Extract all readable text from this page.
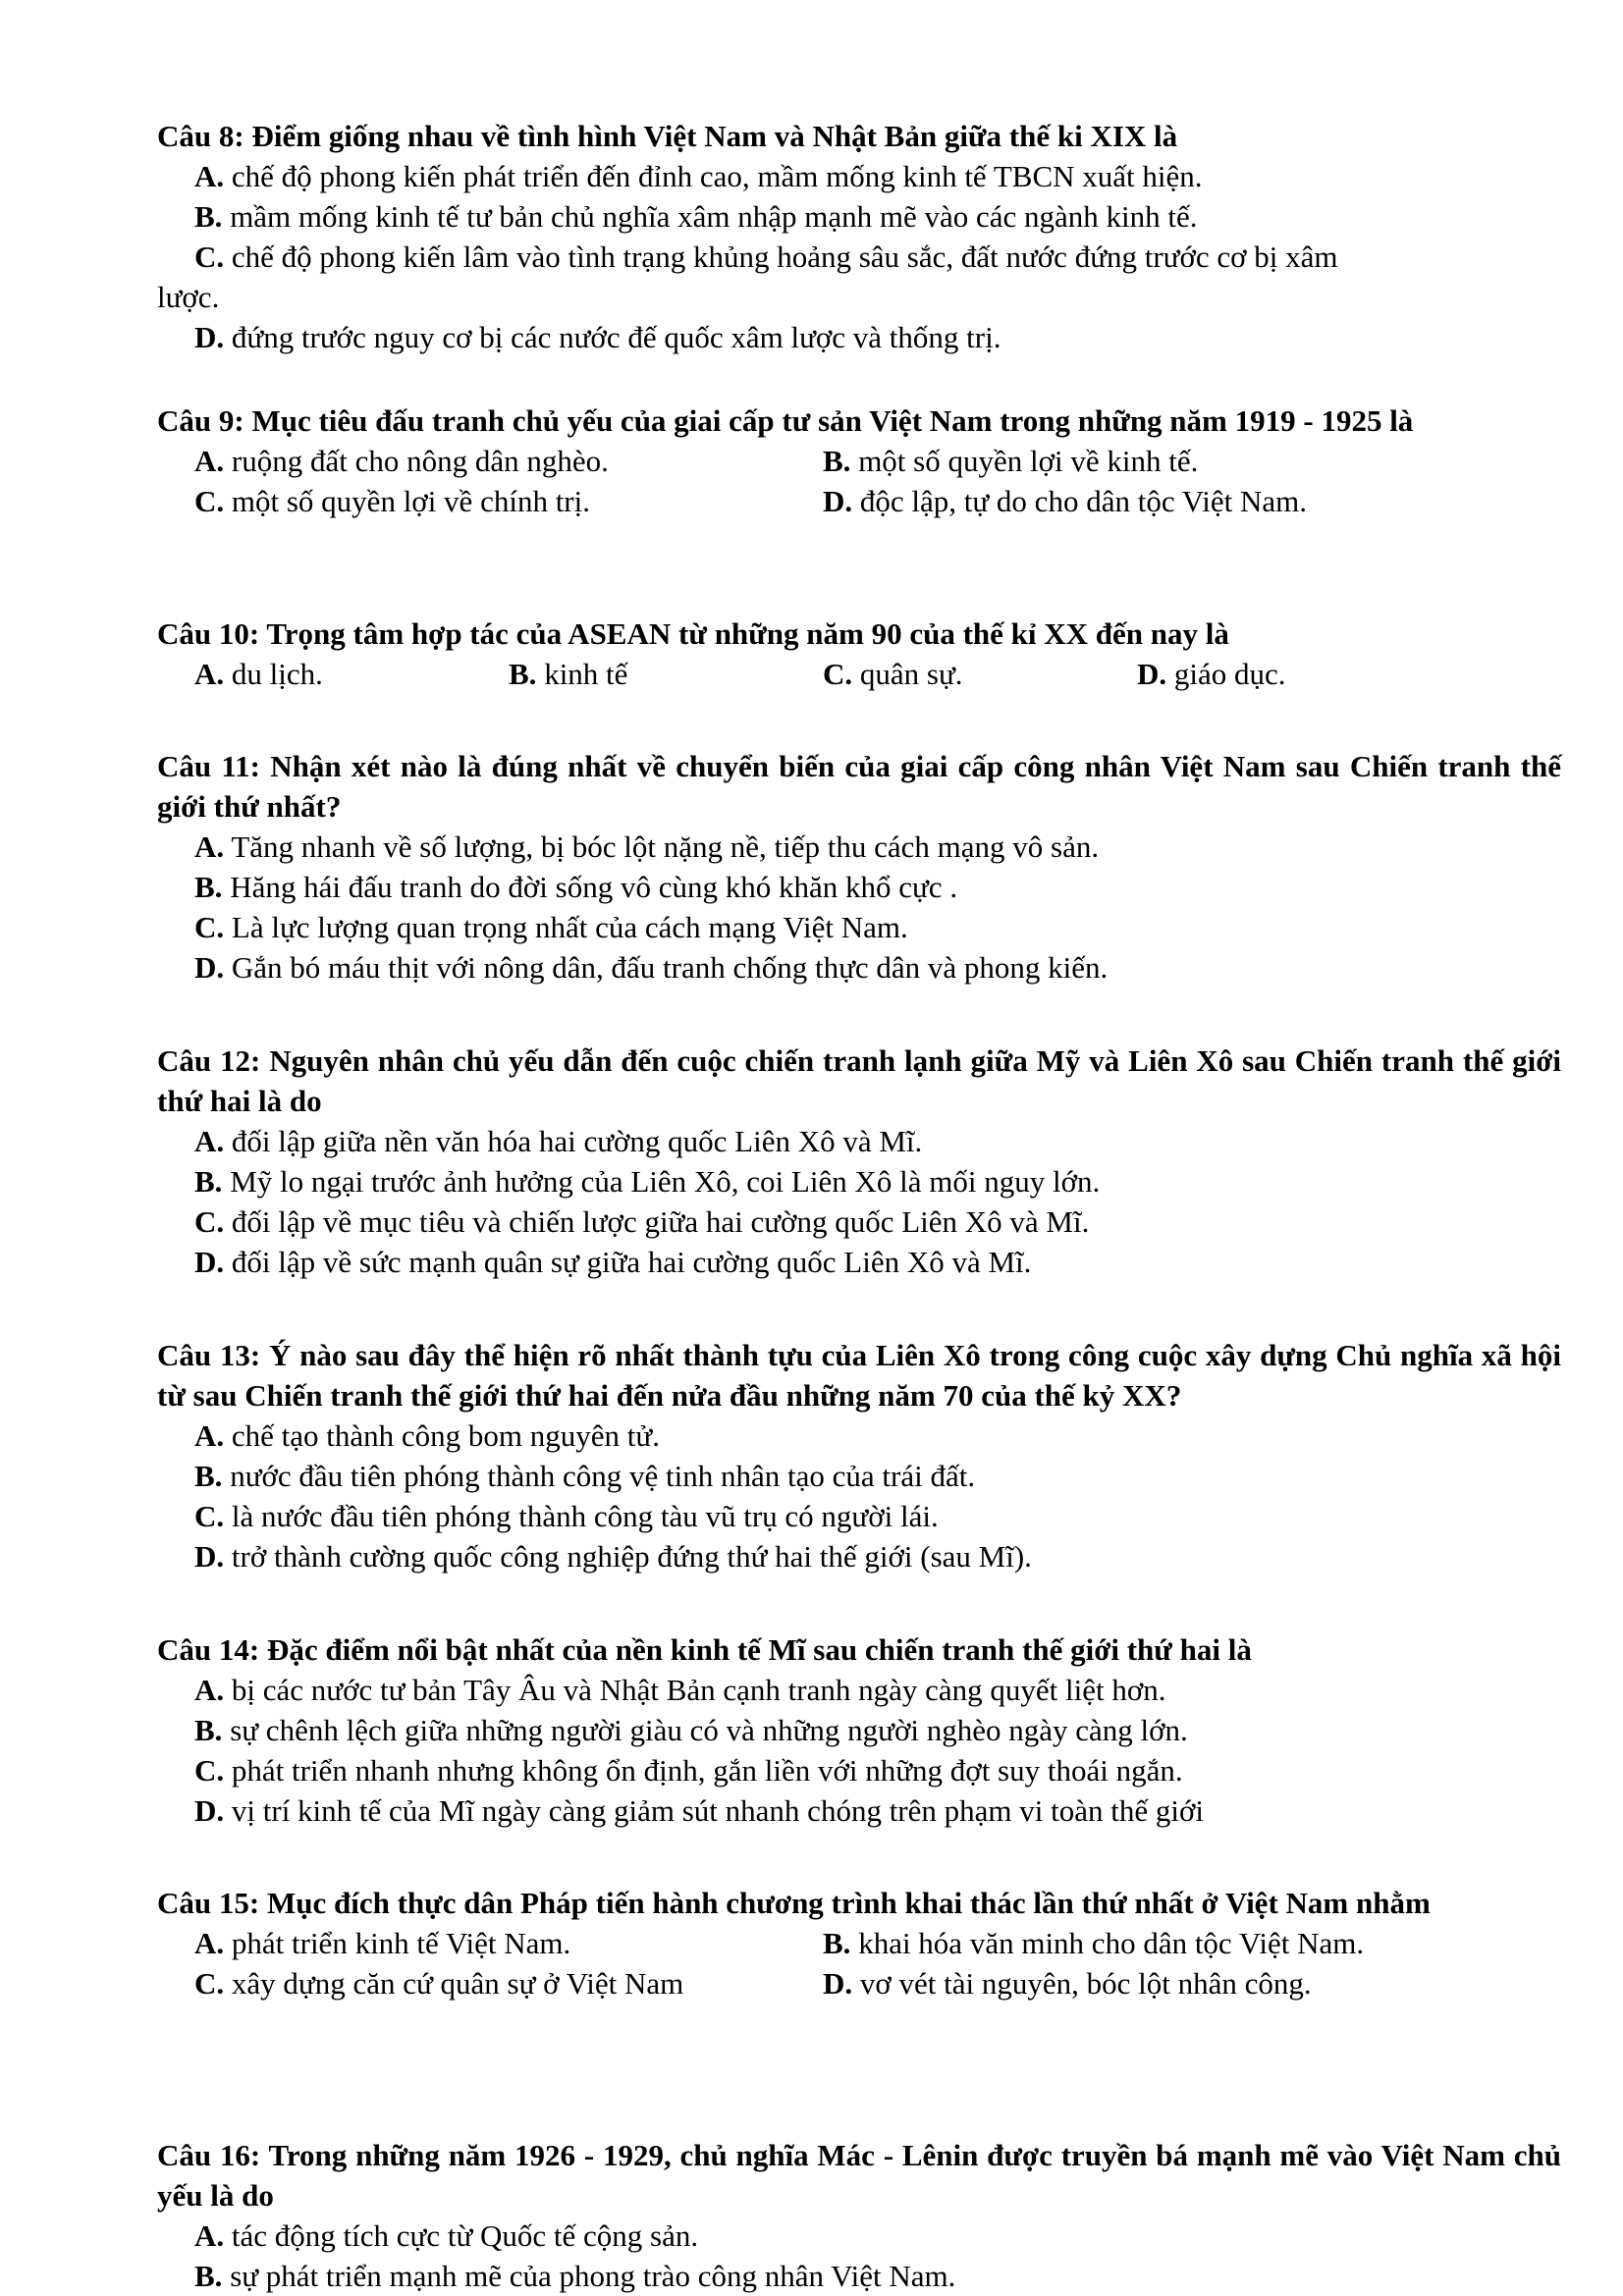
Câu 8: Điểm giống nhau về tình hình Việt Nam và Nhật Bản giữa thế ki XIX là
A. chế độ phong kiến phát triển đến đỉnh cao, mầm mống kinh tế TBCN xuất hiện.
B. mầm mống kinh tế tư bản chủ nghĩa xâm nhập mạnh mẽ vào các ngành kinh tế.
C. chế độ phong kiến lâm vào tình trạng khủng hoảng sâu sắc, đất nước đứng trước cơ bị xâm
lược.
D. đứng trước nguy cơ bị các nước đế quốc xâm lược và thống trị.
Câu 9: Mục tiêu đấu tranh chủ yếu của giai cấp tư sản Việt Nam trong những năm 1919 - 1925 là
A. ruộng đất cho nông dân nghèo.	B. một số quyền lợi về kinh tế.
C. một số quyền lợi về chính trị.	D. độc lập, tự do cho dân tộc Việt Nam.
Câu 10: Trọng tâm hợp tác của ASEAN từ những năm 90 của thế kỉ XX đến nay là
A. du lịch.	B. kinh tế	C. quân sự.	D. giáo dục.
Câu 11: Nhận xét nào là đúng nhất về chuyển biến của giai cấp công nhân Việt Nam sau Chiến tranh thế giới thứ nhất?
A. Tăng nhanh về số lượng, bị bóc lột nặng nề, tiếp thu cách mạng vô sản.
B. Hăng hái đấu tranh do đời sống vô cùng khó khăn khổ cực .
C. Là lực lượng quan trọng nhất của cách mạng Việt Nam.
D. Gắn bó máu thịt với nông dân, đấu tranh chống thực dân và phong kiến.
Câu 12: Nguyên nhân chủ yếu dẫn đến cuộc chiến tranh lạnh giữa Mỹ và Liên Xô sau Chiến tranh thế giới thứ hai là do
A. đối lập giữa nền văn hóa hai cường quốc Liên Xô và Mĩ.
B. Mỹ lo ngại trước ảnh hưởng của Liên Xô, coi Liên Xô là mối nguy lớn.
C. đối lập về mục tiêu và chiến lược giữa hai cường quốc Liên Xô và Mĩ.
D. đối lập về sức mạnh quân sự giữa hai cường quốc Liên Xô và Mĩ.
Câu 13: Ý nào sau đây thể hiện rõ nhất thành tựu của Liên Xô trong công cuộc xây dựng Chủ nghĩa xã hội từ sau Chiến tranh thế giới thứ hai đến nửa đầu những năm 70 của thế kỷ XX?
A. chế tạo thành công bom nguyên tử.
B. nước đầu tiên phóng thành công vệ tinh nhân tạo của trái đất.
C. là nước đầu tiên phóng thành công tàu vũ trụ có người lái.
D. trở thành cường quốc công nghiệp đứng thứ hai thế giới (sau Mĩ).
Câu 14: Đặc điểm nổi bật nhất của nền kinh tế Mĩ sau chiến tranh thế giới thứ hai là
A. bị các nước tư bản Tây Âu và Nhật Bản cạnh tranh ngày càng quyết liệt hơn.
B. sự chênh lệch giữa những người giàu có và những người nghèo ngày càng lớn.
C. phát triển nhanh nhưng không ổn định, gắn liền với những đợt suy thoái ngắn.
D. vị trí kinh tế của Mĩ ngày càng giảm sút nhanh chóng trên phạm vi toàn thế giới
Câu 15: Mục đích thực dân Pháp tiến hành chương trình khai thác lần thứ nhất ở Việt Nam nhằm
A. phát triển kinh tế Việt Nam.	B. khai hóa văn minh cho dân tộc Việt Nam.
C. xây dựng căn cứ quân sự ở Việt Nam	D. vơ vét tài nguyên, bóc lột nhân công.
Câu 16: Trong những năm 1926 - 1929, chủ nghĩa Mác - Lênin được truyền bá mạnh mẽ vào Việt Nam chủ yếu là do
A. tác động tích cực từ Quốc tế cộng sản.
B. sự phát triển mạnh mẽ của phong trào công nhân Việt Nam.
